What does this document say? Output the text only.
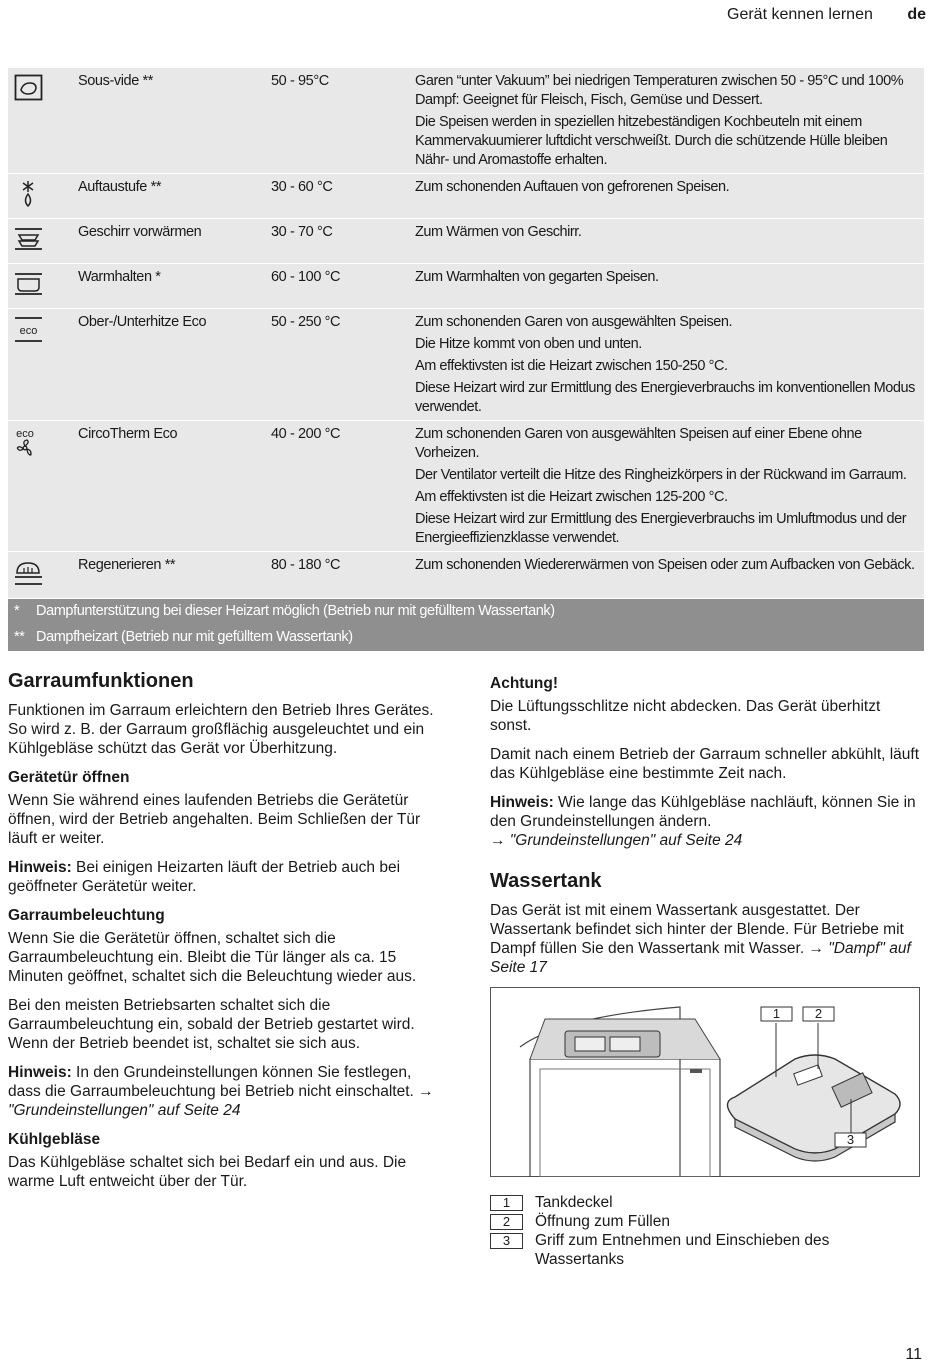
Gerät kennen lernen de
Sous-vide **	50 - 95°C	Garen “unter Vakuum” bei niedrigen Temperaturen zwischen 50 - 95°C und 100% Dampf: Geeignet für Fleisch, Fisch, Gemüse und Dessert.

Die Speisen werden in speziellen hitzebeständigen Kochbeuteln mit einem Kammervakuumierer luftdicht verschweißt. Durch die schützende Hülle bleiben Nähr- und Aromastoffe erhalten.

Auftaustufe **	30 - 60 °C	Zum schonenden Auftauen von gefrorenen Speisen.

Geschirr vorwärmen	30 - 70 °C	Zum Wärmen von Geschirr.

Warmhalten *	60 - 100 °C	Zum Warmhalten von gegarten Speisen.

eco
Ober-/Unterhitze Eco	50 - 250 °C	Zum schonenden Garen von ausgewählten Speisen.

Die Hitze kommt von oben und unten.

Am effektivsten ist die Heizart zwischen 150-250 °C.

Diese Heizart wird zur Ermittlung des Energieverbrauchs im konventionellen Modus verwendet.

eco	CircoTherm Eco	40 - 200 °C	Zum schonenden Garen von ausgewählten Speisen auf einer Ebene ohne Vorheizen.

Der Ventilator verteilt die Hitze des Ringheizkörpers in der Rückwand im Garraum.

Am effektivsten ist die Heizart zwischen 125-200 °C.

Diese Heizart wird zur Ermittlung des Energieverbrauchs im Umluftmodus und der Energieeffizienzklasse verwendet.

Regenerieren **	80 - 180 °C	Zum schonenden Wiedererwärmen von Speisen oder zum Aufbacken von Gebäck.

* Dampfunterstützung bei dieser Heizart möglich (Betrieb nur mit gefülltem Wassertank)
** Dampfheizart (Betrieb nur mit gefülltem Wassertank)
Garraumfunktionen

Funktionen im Garraum erleichtern den Betrieb Ihres Gerätes. So wird z. B. der Garraum großflächig ausgeleuchtet und ein Kühlgebläse schützt das Gerät vor Überhitzung.

Gerätetür öffnen

Wenn Sie während eines laufenden Betriebs die Gerätetür öffnen, wird der Betrieb angehalten. Beim Schließen der Tür läuft er weiter.

Hinweis: Bei einigen Heizarten läuft der Betrieb auch bei geöffneter Gerätetür weiter.

Garraumbeleuchtung

Wenn Sie die Gerätetür öffnen, schaltet sich die Garraumbeleuchtung ein. Bleibt die Tür länger als ca. 15 Minuten geöffnet, schaltet sich die Beleuchtung wieder aus.

Bei den meisten Betriebsarten schaltet sich die Garraumbeleuchtung ein, sobald der Betrieb gestartet wird. Wenn der Betrieb beendet ist, schaltet sie sich aus.

Hinweis: In den Grundeinstellungen können Sie festlegen, dass die Garraumbeleuchtung bei Betrieb nicht einschaltet. → "Grundeinstellungen" auf Seite 24

Kühlgebläse

Das Kühlgebläse schaltet sich bei Bedarf ein und aus. Die warme Luft entweicht über der Tür.

Achtung!

Die Lüftungsschlitze nicht abdecken. Das Gerät überhitzt sonst.

Damit nach einem Betrieb der Garraum schneller abkühlt, läuft das Kühlgebläse eine bestimmte Zeit nach.

Hinweis: Wie lange das Kühlgebläse nachläuft, können Sie in den Grundeinstellungen ändern.
→ "Grundeinstellungen" auf Seite 24

Wassertank

Das Gerät ist mit einem Wassertank ausgestattet. Der Wassertank befindet sich hinter der Blende. Für Betriebe mit Dampf füllen Sie den Wassertank mit Wasser. → "Dampf" auf Seite 17

1	2
3
1	Tankdeckel
2	Öffnung zum Füllen
3	Griff zum Entnehmen und Einschieben des Wassertanks
11
